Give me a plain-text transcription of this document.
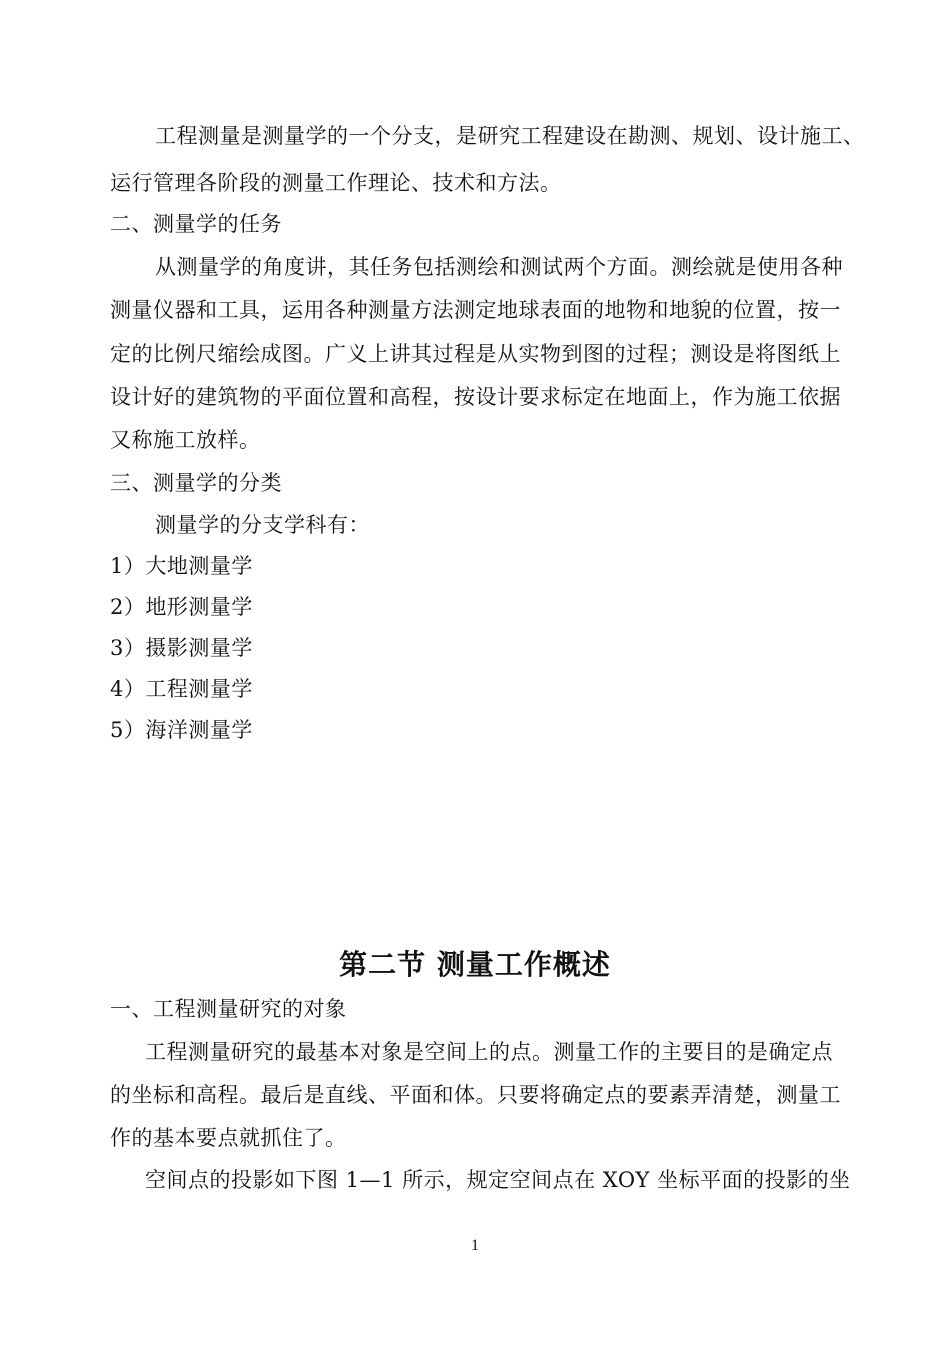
工程测量是测量学的一个分支，是研究工程建设在勘测、规划、设计施工、
运行管理各阶段的测量工作理论、技术和方法。
二、测量学的任务
从测量学的角度讲，其任务包括测绘和测试两个方面。测绘就是使用各种
测量仪器和工具，运用各种测量方法测定地球表面的地物和地貌的位置，按一
定的比例尺缩绘成图。广义上讲其过程是从实物到图的过程；测设是将图纸上
设计好的建筑物的平面位置和高程，按设计要求标定在地面上，作为施工依据
又称施工放样。
三、测量学的分类
测量学的分支学科有：
1）大地测量学
2）地形测量学
3）摄影测量学
4）工程测量学
5）海洋测量学
第二节 测量工作概述
一、工程测量研究的对象
工程测量研究的最基本对象是空间上的点。测量工作的主要目的是确定点
的坐标和高程。最后是直线、平面和体。只要将确定点的要素弄清楚，测量工
作的基本要点就抓住了。
空间点的投影如下图 1—1 所示，规定空间点在 XOY 坐标平面的投影的坐
1
